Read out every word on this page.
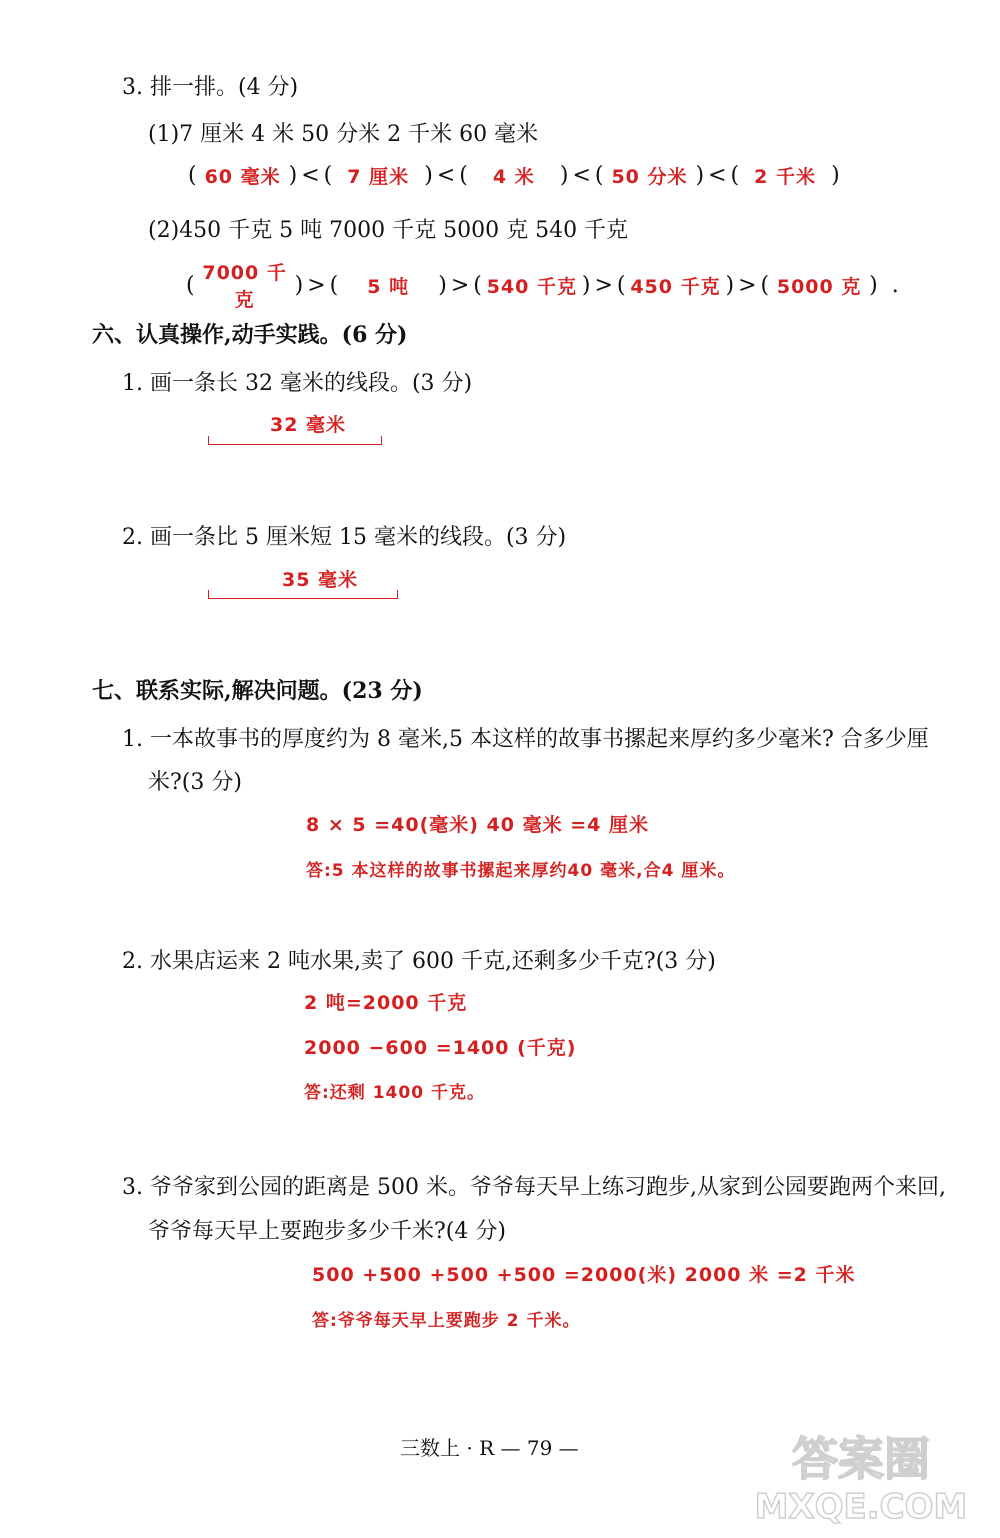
3. 排一排。(4 分)
(1)7 厘米 4 米 50 分米 2 千米 60 毫米
( 60 毫米 ) < ( 7 厘米 ) < (	4 米	) < ( 50 分米 ) < ( 2 千米 )
(2)450 千克 5 吨 7000 千克 5000 克 540 千克
( 7000 千克
) > (	5 吨	) > ( 540 千克 ) > ( 450 千克 ) > ( 5000 克 ) .
六、认真操作,动手实践。(6 分)
1. 画一条长 32 毫米的线段。(3 分)
32 毫米
2. 画一条比 5 厘米短 15 毫米的线段。(3 分)
35 毫米
七、联系实际,解决问题。(23 分)
1. 一本故事书的厚度约为 8 毫米,5 本这样的故事书摞起来厚约多少毫米? 合多少厘
米?(3 分)
8 × 5 =40(毫米) 40 毫米 =4 厘米
答:5 本这样的故事书摞起来厚约40 毫米,合4 厘米。
2. 水果店运来 2 吨水果,卖了 600 千克,还剩多少千克?(3 分)
2 吨=2000 千克
2000 −600 =1400 (千克)
答:还剩 1400 千克。
3. 爷爷家到公园的距离是 500 米。爷爷每天早上练习跑步,从家到公园要跑两个来回,
爷爷每天早上要跑步多少千米?(4 分)
500 +500 +500 +500 =2000(米) 2000 米 =2 千米
答:爷爷每天早上要跑步 2 千米。
三数上 · R — 79 —	答案圈
MXQE.COM
